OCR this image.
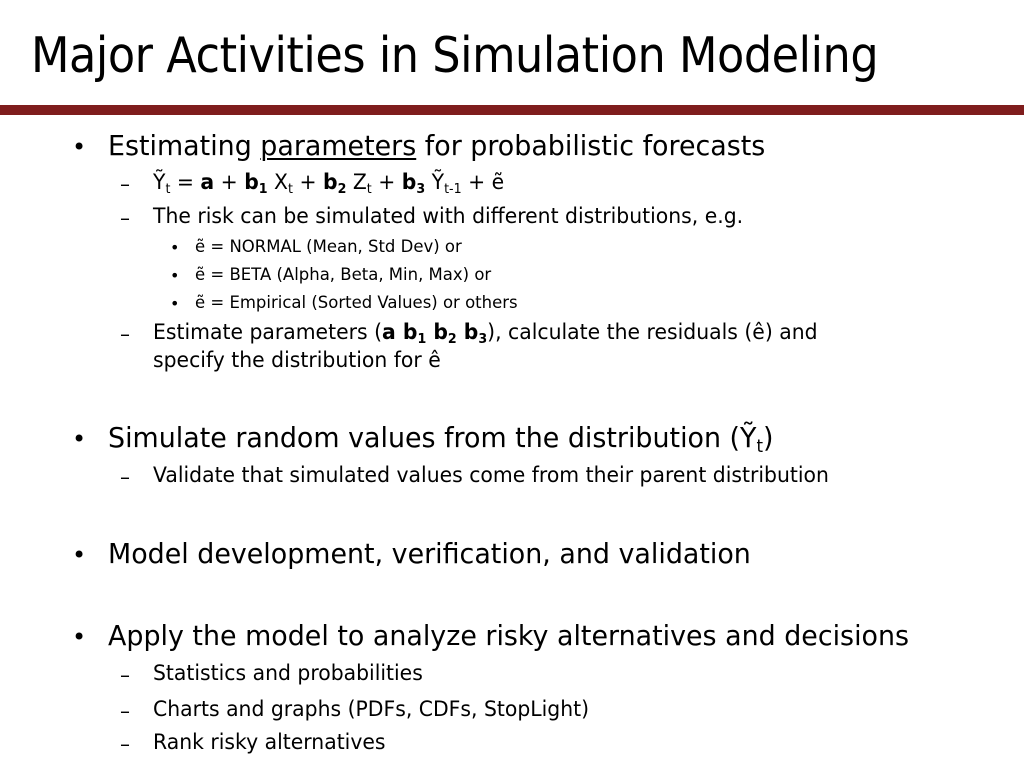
Major Activities in Simulation Modeling
• Estimating parameters for probabilistic forecasts
– Ỹ$_t$ = $a + b_1$ $X_t + b_2$ $Z_t + b_3$ Ỹ$_{t-1}$ + ẽ
– The risk can be simulated with different distributions, e.g.
• ẽ = NORMAL (Mean, Std Dev) or
• ẽ = BETA (Alpha, Beta, Min, Max) or
• ẽ = Empirical (Sorted Values) or others
– Estimate parameters (a $b_1$ $b_2$ $b_3$), calculate the residuals (ê) and
specify the distribution for ê
• Simulate random values from the distribution (Ỹ$_t$)
– Validate that simulated values come from their parent distribution
• Model development, verification, and validation
• Apply the model to analyze risky alternatives and decisions
– Statistics and probabilities
– Charts and graphs (PDFs, CDFs, StopLight)
– Rank risky alternatives
